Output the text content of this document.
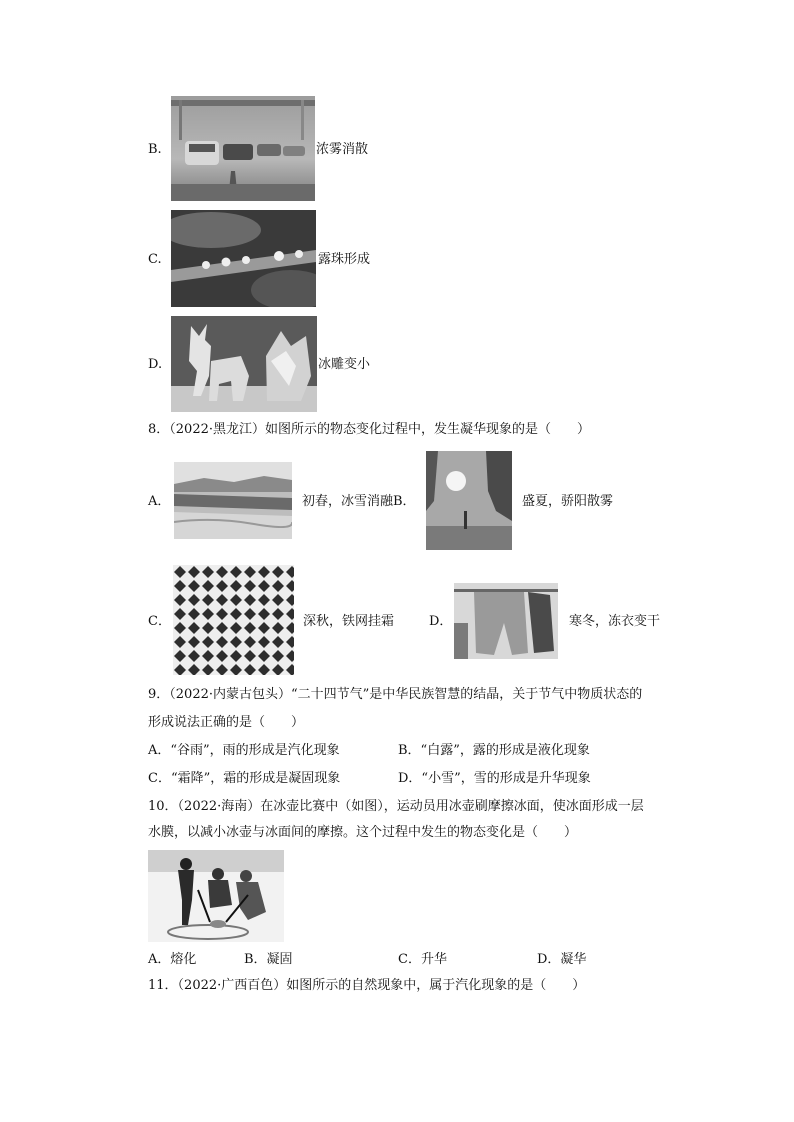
B.	浓雾消散
C.	露珠形成
D.	冰雕变小
8．（2022·黑龙江）如图所示的物态变化过程中，发生凝华现象的是（　　）
A．	初春，冰雪消融B．	盛夏，骄阳散雾
C．	深秋，铁网挂霜	D．	寒冬，冻衣变干
9．（2022·内蒙古包头）“二十四节气”是中华民族智慧的结晶，关于节气中物质状态的
形成说法正确的是（　　）
A．“谷雨”，雨的形成是汽化现象	B．“白露”，露的形成是液化现象
C．“霜降”，霜的形成是凝固现象	D．“小雪”，雪的形成是升华现象
10．（2022·海南）在冰壶比赛中（如图），运动员用冰壶刷摩擦冰面，使冰面形成一层
水膜，以减小冰壶与冰面间的摩擦。这个过程中发生的物态变化是（　　）
A．熔化	B．凝固	C．升华	D．凝华
11．（2022·广西百色）如图所示的自然现象中，属于汽化现象的是（　　）
